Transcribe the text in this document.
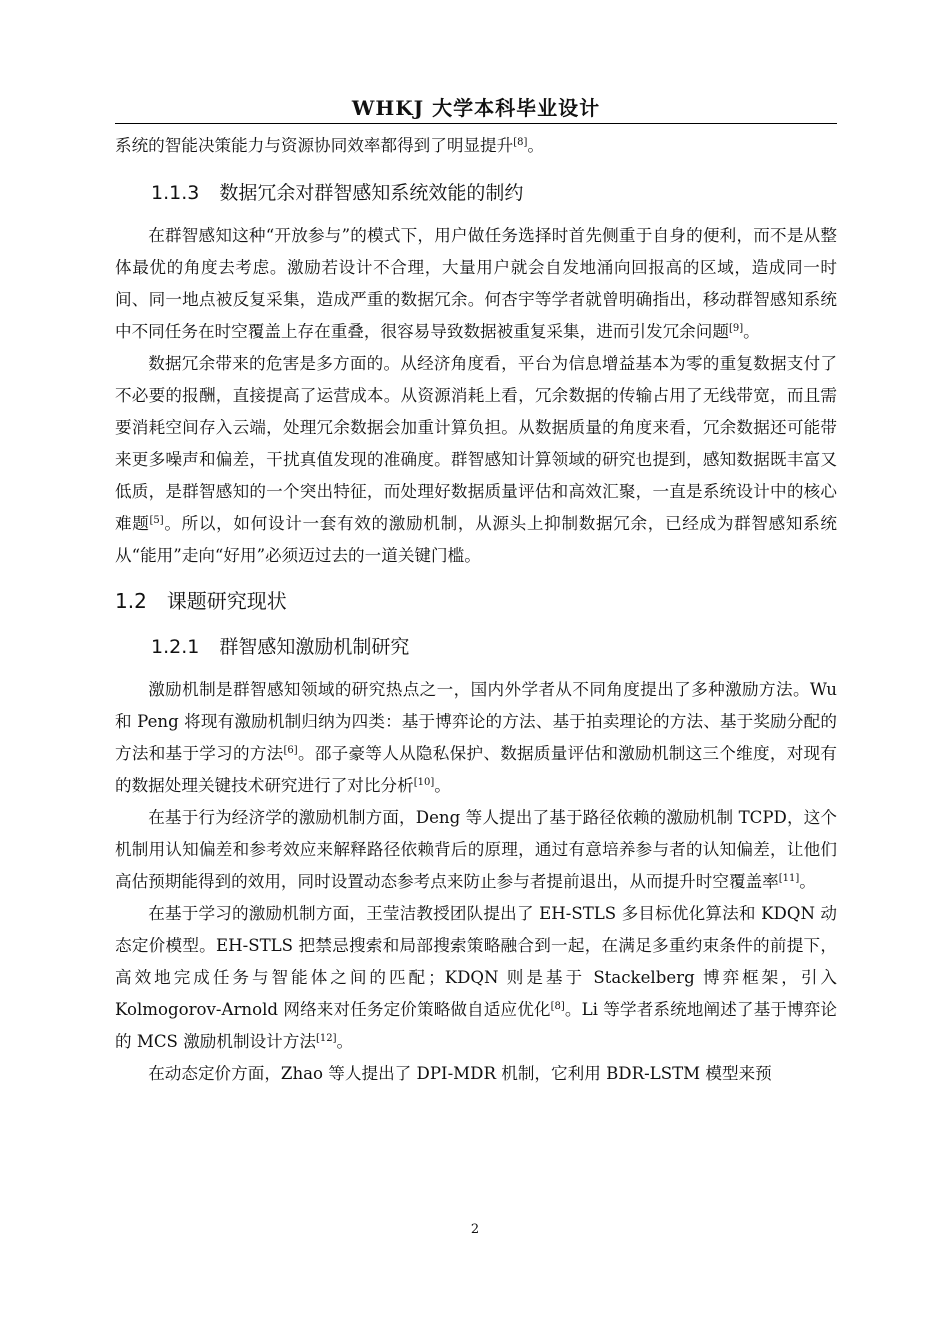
WHKJ 大学本科毕业设计

系统的智能决策能力与资源协同效率都得到了明显提升[8]。

1.1.3 数据冗余对群智感知系统效能的制约

在群智感知这种“开放参与”的模式下，用户做任务选择时首先侧重于自身的便利，而不是从整体最优的角度去考虑。激励若设计不合理，大量用户就会自发地涌向回报高的区域，造成同一时间、同一地点被反复采集，造成严重的数据冗余。何杏宇等学者就曾明确指出，移动群智感知系统中不同任务在时空覆盖上存在重叠，很容易导致数据被重复采集，进而引发冗余问题[9]。

数据冗余带来的危害是多方面的。从经济角度看，平台为信息增益基本为零的重复数据支付了不必要的报酬，直接提高了运营成本。从资源消耗上看，冗余数据的传输占用了无线带宽，而且需要消耗空间存入云端，处理冗余数据会加重计算负担。从数据质量的角度来看，冗余数据还可能带来更多噪声和偏差，干扰真值发现的准确度。群智感知计算领域的研究也提到，感知数据既丰富又低质，是群智感知的一个突出特征，而处理好数据质量评估和高效汇聚，一直是系统设计中的核心难题[5]。所以，如何设计一套有效的激励机制，从源头上抑制数据冗余，已经成为群智感知系统从“能用”走向“好用”必须迈过去的一道关键门槛。

1.2 课题研究现状
1.2.1 群智感知激励机制研究

激励机制是群智感知领域的研究热点之一，国内外学者从不同角度提出了多种激励方法。Wu 和 Peng 将现有激励机制归纳为四类：基于博弈论的方法、基于拍卖理论的方法、基于奖励分配的方法和基于学习的方法[6]。邵子豪等人从隐私保护、数据质量评估和激励机制这三个维度，对现有的数据处理关键技术研究进行了对比分析[10]。

在基于行为经济学的激励机制方面，Deng 等人提出了基于路径依赖的激励机制 TCPD，这个机制用认知偏差和参考效应来解释路径依赖背后的原理，通过有意培养参与者的认知偏差，让他们高估预期能得到的效用，同时设置动态参考点来防止参与者提前退出，从而提升时空覆盖率[11]。

在基于学习的激励机制方面，王莹洁教授团队提出了 EH-STLS 多目标优化算法和 KDQN 动态定价模型。EH-STLS 把禁忌搜索和局部搜索策略融合到一起，在满足多重约束条件的前提下，高效地完成任务与智能体之间的匹配；KDQN 则是基于 Stackelberg 博弈框架，引入 Kolmogorov-Arnold 网络来对任务定价策略做自适应优化[8]。Li 等学者系统地阐述了基于博弈论的 MCS 激励机制设计方法[12]。

在动态定价方面，Zhao 等人提出了 DPI-MDR 机制，它利用 BDR-LSTM 模型来预

2
